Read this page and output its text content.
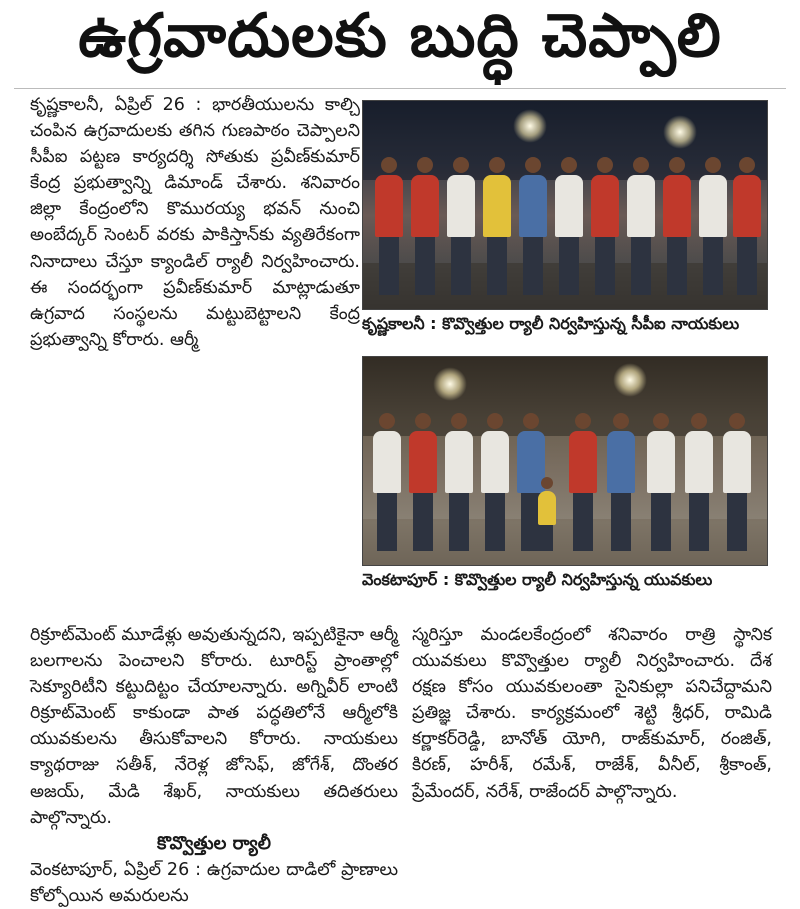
ఉగ్రవాదులకు బుద్ధి చెప్పాలి
కృష్ణకాలనీ, ఏప్రిల్ 26 : భారతీయులను కాల్చి చంపిన ఉగ్రవాదులకు తగిన గుణపాఠం చెప్పాలని సీపీఐ పట్టణ కార్యదర్శి సోతుకు ప్రవీణ్‌కుమార్ కేంద్ర ప్రభుత్వాన్ని డిమాండ్ చేశారు. శనివారం జిల్లా కేంద్రంలోని కొమురయ్య భవన్ నుంచి అంబేద్కర్ సెంటర్ వరకు పాకిస్తాన్‌కు వ్యతిరేకంగా నినాదాలు చేస్తూ క్యాండిల్ ర్యాలీ నిర్వహించారు. ఈ సందర్భంగా ప్రవీణ్‌కుమార్ మాట్లాడుతూ ఉగ్రవాద సంస్థలను మట్టుబెట్టాలని కేంద్ర ప్రభుత్వాన్ని కోరారు. ఆర్మీ
కృష్ణకాలనీ : కొవ్వొత్తుల ర్యాలీ నిర్వహిస్తున్న సీపీఐ నాయకులు
వెంకటాపూర్ : కొవ్వొత్తుల ర్యాలీ నిర్వహిస్తున్న యువకులు
రిక్రూట్‌మెంట్ మూడేళ్లు అవుతున్నదని, ఇప్పటికైనా ఆర్మీ బలగాలను పెంచాలని కోరారు. టూరిస్ట్ ప్రాంతాల్లో సెక్యూరిటీని కట్టుదిట్టం చేయాలన్నారు. అగ్నివీర్ లాంటి రిక్రూట్‌మెంట్ కాకుండా పాత పద్ధతిలోనే ఆర్మీలోకి యువకులను తీసుకోవాలని కోరారు. నాయకులు క్యాథరాజు సతీశ్, నేరెళ్ల జోసెఫ్, జోగేశ్, దొంతర అజయ్, మేడి శేఖర్, నాయకులు తదితరులు పాల్గొన్నారు.
కొవ్వొత్తుల ర్యాలీ
వెంకటాపూర్, ఏప్రిల్ 26 : ఉగ్రవాదుల దాడిలో ప్రాణాలు కోల్పోయిన అమరులను
స్మరిస్తూ మండలకేంద్రంలో శనివారం రాత్రి స్థానిక యువకులు కొవ్వొత్తుల ర్యాలీ నిర్వహించారు. దేశ రక్షణ కోసం యువకులంతా సైనికుల్లా పనిచేద్దామని ప్రతిజ్ఞ చేశారు. కార్యక్రమంలో శెట్టి శ్రీధర్, రామిడి కర్ణాకర్‌రెడ్డి, బానోత్ యోగి, రాజ్‌కుమార్, రంజిత్, కిరణ్, హరీశ్, రమేశ్, రాజేశ్, వీనీల్, శ్రీకాంత్, ప్రేమేందర్, నరేశ్, రాజేందర్ పాల్గొన్నారు.
